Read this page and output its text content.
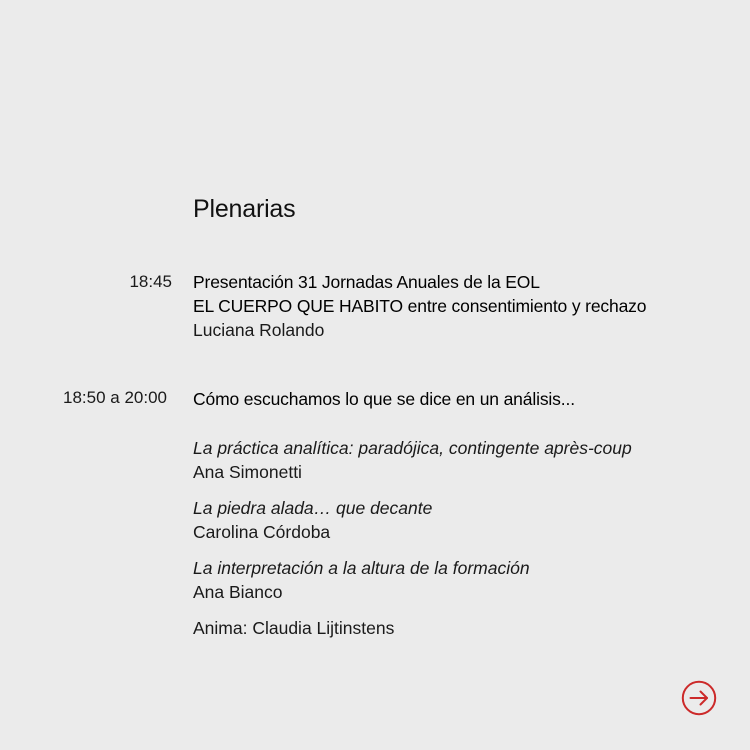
Plenarias
18:45 Presentación 31 Jornadas Anuales de la EOL
EL CUERPO QUE HABITO entre consentimiento y rechazo
Luciana Rolando
18:50 a 20:00 Cómo escuchamos lo que se dice en un análisis...
La práctica analítica: paradójica, contingente après-coup
Ana Simonetti
La piedra alada… que decante
Carolina Córdoba
La interpretación a la altura de la formación
Ana Bianco
Anima: Claudia Lijtinstens
